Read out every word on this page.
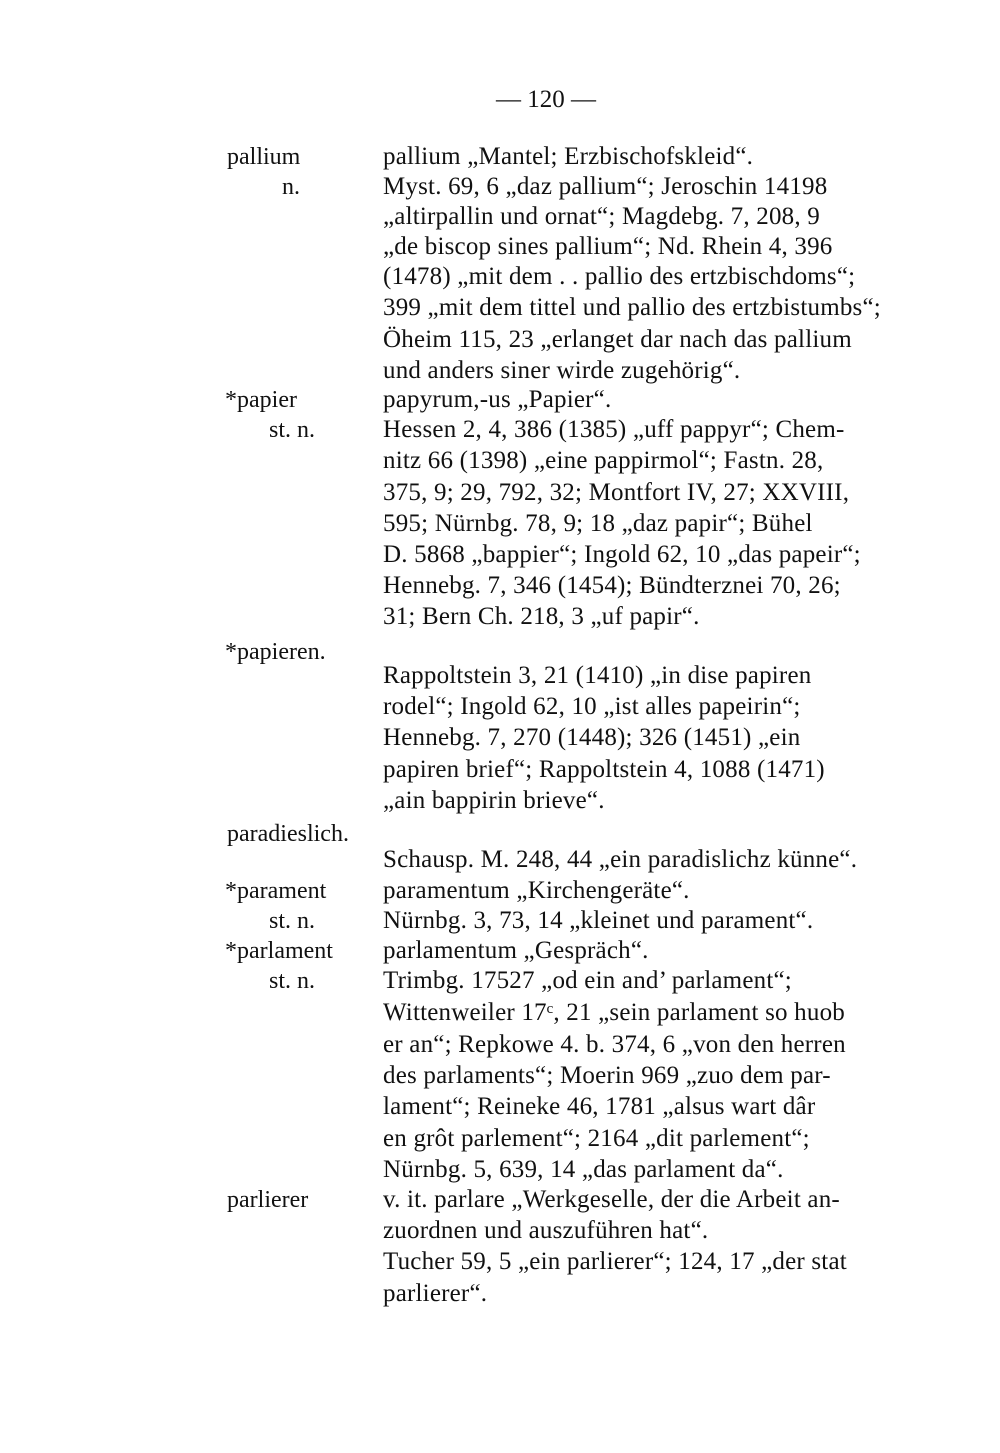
— 120 —
pallium
n.
*papier
st. n.
*papieren.
paradieslich.
*parament
st. n.
*parlament
st. n.
parlierer
pallium „Mantel; Erzbischofskleid“.
Myst. 69, 6 „daz pallium“; Jeroschin 14198
„altirpallin und ornat“; Magdebg. 7, 208, 9
„de biscop sines pallium“; Nd. Rhein 4, 396
(1478) „mit dem . . pallio des ertzbischdoms“;
399 „mit dem tittel und pallio des ertzbistumbs“;
Öheim 115, 23 „erlanget dar nach das pallium
und anders siner wirde zugehörig“.
papyrum,-us „Papier“.
Hessen 2, 4, 386 (1385) „uff pappyr“; Chem-
nitz 66 (1398) „eine pappirmol“; Fastn. 28,
375, 9; 29, 792, 32; Montfort IV, 27; XXVIII,
595; Nürnbg. 78, 9; 18 „daz papir“; Bühel
D. 5868 „bappier“; Ingold 62, 10 „das papeir“;
Hennebg. 7, 346 (1454); Bündterznei 70, 26;
31; Bern Ch. 218, 3 „uf papir“.
Rappoltstein 3, 21 (1410) „in dise papiren
rodel“; Ingold 62, 10 „ist alles papeirin“;
Hennebg. 7, 270 (1448); 326 (1451) „ein
papiren brief“; Rappoltstein 4, 1088 (1471)
„ain bappirin brieve“.
Schausp. M. 248, 44 „ein paradislichz künne“.
paramentum „Kirchengeräte“.
Nürnbg. 3, 73, 14 „kleinet und parament“.
parlamentum „Gespräch“.
Trimbg. 17527 „od ein and’ parlament“;
Wittenweiler 17ᶜ, 21 „sein parlament so huob
er an“; Repkowe 4. b. 374, 6 „von den herren
des parlaments“; Moerin 969 „zuo dem par-
lament“; Reineke 46, 1781 „alsus wart dâr
en grôt parlement“; 2164 „dit parlement“;
Nürnbg. 5, 639, 14 „das parlament da“.
v. it. parlare „Werkgeselle, der die Arbeit an-
zuordnen und auszuführen hat“.
Tucher 59, 5 „ein parlierer“; 124, 17 „der stat
parlierer“.
